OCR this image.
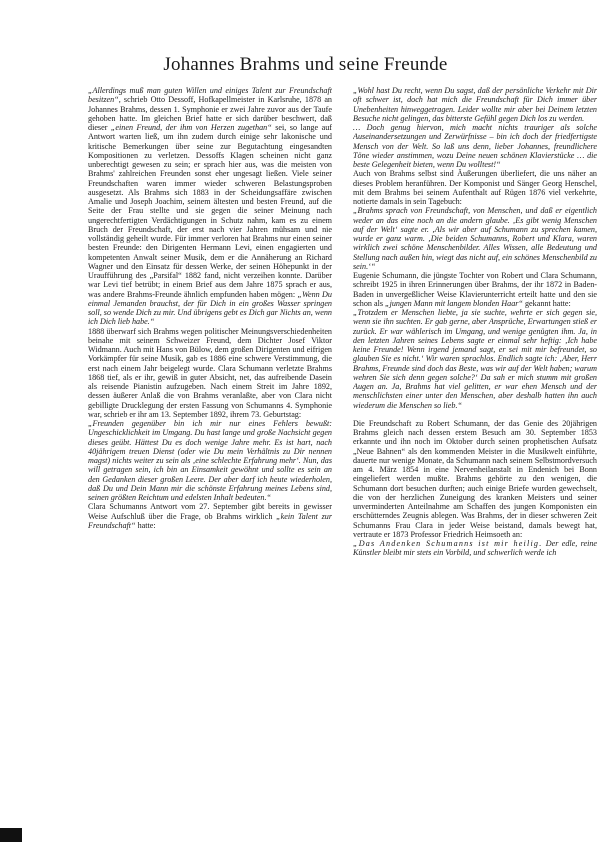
Johannes Brahms und seine Freunde

„Allerdings muß man guten Willen und einiges Talent zur Freundschaft besitzen“, schrieb Otto Dessoff, Hofkapellmeister in Karlsruhe, 1878 an Johannes Brahms, dessen 1. Symphonie er zwei Jahre zuvor aus der Taufe gehoben hatte. Im gleichen Brief hatte er sich darüber beschwert, daß dieser „einen Freund, der ihm von Herzen zugethan“ sei, so lange auf Antwort warten ließ, um ihn zudem durch einige sehr lakonische und kritische Bemerkungen über seine zur Begutachtung eingesandten Kompositionen zu verletzen. Dessoffs Klagen scheinen nicht ganz unberechtigt gewesen zu sein; er sprach hier aus, was die meisten von Brahms' zahlreichen Freunden sonst eher ungesagt ließen. Viele seiner Freundschaften waren immer wieder schweren Belastungsproben ausgesetzt. Als Brahms sich 1883 in der Scheidungsaffäre zwischen Amalie und Joseph Joachim, seinem ältesten und besten Freund, auf die Seite der Frau stellte und sie gegen die seiner Meinung nach ungerechtfertigten Verdächtigungen in Schutz nahm, kam es zu einem Bruch der Freundschaft, der erst nach vier Jahren mühsam und nie vollständig geheilt wurde. Für immer verloren hat Brahms nur einen seiner besten Freunde: den Dirigenten Hermann Levi, einen engagierten und kompetenten Anwalt seiner Musik, dem er die Annäherung an Richard Wagner und den Einsatz für dessen Werke, der seinen Höhepunkt in der Uraufführung des „Parsifal“ 1882 fand, nicht verzeihen konnte. Darüber war Levi tief betrübt; in einem Brief aus dem Jahre 1875 sprach er aus, was andere Brahms-Freunde ähnlich empfunden haben mögen: „Wenn Du einmal Jemanden brauchst, der für Dich in ein großes Wasser springen soll, so wende Dich zu mir. Und übrigens gebt es Dich gar Nichts an, wenn ich Dich lieb habe.“

1888 überwarf sich Brahms wegen politischer Meinungsverschiedenheiten beinahe mit seinem Schweizer Freund, dem Dichter Josef Viktor Widmann. Auch mit Hans von Bülow, dem großen Dirigenten und eifrigen Vorkämpfer für seine Musik, gab es 1886 eine schwere Verstimmung, die erst nach einem Jahr beigelegt wurde. Clara Schumann verletzte Brahms 1868 tief, als er ihr, gewiß in guter Absicht, net, das aufreibende Dasein als reisende Pianistin aufzugeben. Nach einem Streit im Jahre 1892, dessen äußerer Anlaß die von Brahms veranlaßte, aber von Clara nicht gebilligte Drucklegung der ersten Fassung von Schumanns 4. Symphonie war, schrieb er ihr am 13. September 1892, ihrem 73. Geburtstag:

„Freunden gegenüber bin ich mir nur eines Fehlers bewußt: Ungeschicklichkeit im Umgang. Du hast lange und große Nachsicht gegen dieses geübt. Hättest Du es doch wenige Jahre mehr. Es ist hart, nach 40jährigem treuen Dienst (oder wie Du mein Verhältnis zu Dir nennen magst) nichts weiter zu sein als ‚eine schlechte Erfahrung mehr‘. Nun, das will getragen sein, ich bin an Einsamkeit gewöhnt und sollte es sein an den Gedanken dieser großen Leere. Der aber darf ich heute wiederholen, daß Du und Dein Mann mir die schönste Erfahrung meines Lebens sind, seinen größten Reichtum und edelsten Inhalt bedeuten.“

Clara Schumanns Antwort vom 27. September gibt bereits in gewisser Weise Aufschluß über die Frage, ob Brahms wirklich „kein Talent zur Freundschaft“ hatte:

„Wohl hast Du recht, wenn Du sagst, daß der persönliche Verkehr mit Dir oft schwer ist, doch hat mich die Freundschaft für Dich immer über Unebenheiten hinweggetragen. Leider wollte mir aber bei Deinem letzten Besuche nicht gelingen, das bitterste Gefühl gegen Dich los zu werden.

… Doch genug hiervon, mich macht nichts trauriger als solche Auseinandersetzungen und Zerwürfnisse – bin ich doch der friedfertigste Mensch von der Welt. So laß uns denn, lieber Johannes, freundlichere Töne wieder anstimmen, wozu Deine neuen schönen Klavierstücke … die beste Gelegenheit bieten, wenn Du wolltest!“

Auch von Brahms selbst sind Äußerungen überliefert, die uns näher an dieses Problem heranführen. Der Komponist und Sänger Georg Henschel, mit dem Brahms bei seinem Aufenthalt auf Rügen 1876 viel verkehrte, notierte damals in sein Tagebuch:

„Brahms sprach von Freundschaft, von Menschen, und daß er eigentlich weder an das eine noch an die andern glaube. ‚Es gibt wenig Menschen auf der Welt‘ sagte er. ‚Als wir aber auf Schumann zu sprechen kamen, wurde er ganz warm. ‚Die beiden Schumanns, Robert und Klara, waren wirklich zwei schöne Menschenbilder. Alles Wissen, alle Bedeutung und Stellung nach außen hin, wiegt das nicht auf, ein schönes Menschenbild zu sein.‘“

Eugenie Schumann, die jüngste Tochter von Robert und Clara Schumann, schreibt 1925 in ihren Erinnerungen über Brahms, der ihr 1872 in Baden-Baden in unvergeßlicher Weise Klavierunterricht erteilt hatte und den sie schon als „jungen Mann mit langem blonden Haar“ gekannt hatte:

„Trotzdem er Menschen liebte, ja sie suchte, wehrte er sich gegen sie, wenn sie ihn suchten. Er gab gerne, aber Ansprüche, Erwartungen stieß er zurück. Er war wählerisch im Umgang, und wenige genügten ihm. Ja, in den letzten Jahren seines Lebens sagte er einmal sehr heftig: ‚Ich habe keine Freunde! Wenn irgend jemand sagt, er sei mit mir befreundet, so glauben Sie es nicht.‘ Wir waren sprachlos. Endlich sagte ich: ‚Aber, Herr Brahms, Freunde sind doch das Beste, was wir auf der Welt haben; warum wehren Sie sich denn gegen solche?‘ Da sah er mich stumm mit großen Augen an. Ja, Brahms hat viel gelitten, er war ehen Mensch und der menschlichsten einer unter den Menschen, aber deshalb hatten ihn auch wiederum die Menschen so lieb.“

Die Freundschaft zu Robert Schumann, der das Genie des 20jährigen Brahms gleich nach dessen erstem Besuch am 30. September 1853 erkannte und ihn noch im Oktober durch seinen prophetischen Aufsatz „Neue Bahnen“ als den kommenden Meister in die Musikwelt einführte, dauerte nur wenige Monate, da Schumann nach seinem Selbstmordversuch am 4. März 1854 in eine Nervenheilanstalt in Endenich bei Bonn eingeliefert werden mußte. Brahms gehörte zu den wenigen, die Schumann dort besuchen durften; auch einige Briefe wurden gewechselt, die von der herzlichen Zuneigung des kranken Meisters und seiner unverminderten Anteilnahme am Schaffen des jungen Komponisten ein erschütterndes Zeugnis ablegen. Was Brahms, der in dieser schweren Zeit Schumanns Frau Clara in jeder Weise beistand, damals bewegt hat, vertraute er 1873 Professor Friedrich Heimsoeth an:

„Das Andenken Schumanns ist mir heilig. Der edle, reine Künstler bleibt mir stets ein Vorbild, und schwerlich werde ich
